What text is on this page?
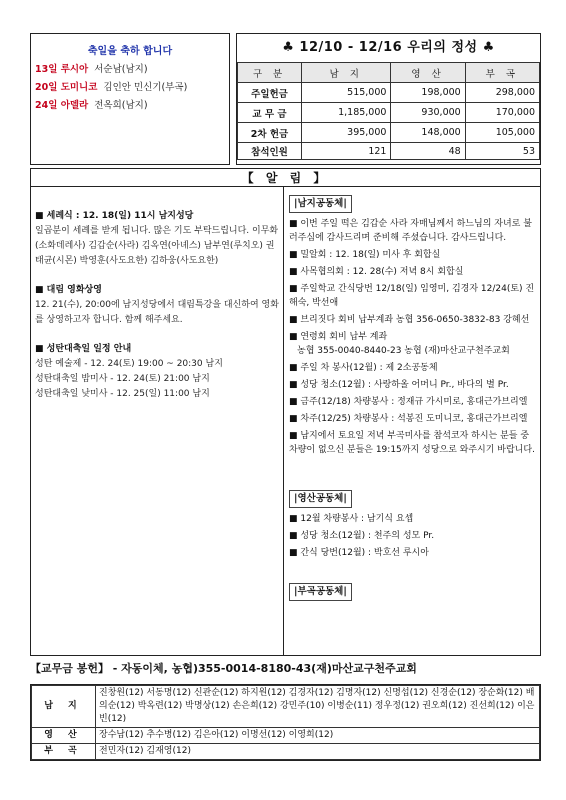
축일을 축하 합니다
13일 루시아 서순남(남지)
20일 도미니코 김인안 민신기(부곡)
24일 아델라 전옥희(남지)
♣ 12/10 - 12/16 우리의 정성 ♣
구 분	남 지	영 산	부 곡
주일헌금	515,000	198,000	298,000
교 무 금	1,185,000	930,000	170,000
2차 헌금	395,000	148,000	105,000
참석인원	121	48	53
【 알 림 】
■ 세례식 : 12. 18(일) 11시 남지성당
일곱분이 세례를 받게 됩니다. 많은 기도 부탁드립니다. 이무화(소화데레사) 김갑순(사라) 김옥연(아녜스) 남부연(루치오) 권태균(시몬) 박영훈(사도요한) 김하웅(사도요한)
■ 대림 영화상영
12. 21(수), 20:00에 남지성당에서 대림특강을 대신하여 영화를 상영하고자 합니다. 함께 해주세요.
■ 성탄대축일 일정 안내
성탄 예술제 - 12. 24(토) 19:00 ~ 20:30 남지
성탄대축일 밤미사 - 12. 24(토) 21:00 남지
성탄대축일 낮미사 - 12. 25(일) 11:00 남지
|남지공동체|
■ 이번 주일 떡은 김갑순 사라 자매님께서 하느님의 자녀로 불러주심에 감사드리며 준비해 주셨습니다. 감사드립니다.
■ 밀알회 : 12. 18(일) 미사 후 회합실
■ 사목협의회 : 12. 28(수) 저녁 8시 회합실
■ 주일학교 간식당번 12/18(일) 임영미, 김경자 12/24(토) 진해숙, 박선애
■ 브리짓다 회비 납부계좌 농협 356-0650-3832-83 강혜선
■ 연령회 회비 납부 계좌
농협 355-0040-8440-23 농협 (재)마산교구천주교회
■ 주일 차 봉사(12월) : 제 2소공동체
■ 성당 청소(12월) : 사랑하올 어머니 Pr., 바다의 별 Pr.
■ 금주(12/18) 차량봉사 : 정재규 가시미로, 홍대근가브리엘
■ 차주(12/25) 차량봉사 : 석봉진 도미니코, 홍대근가브리엘
■ 남지에서 토요일 저녁 부곡미사를 참석코자 하시는 분들 중 차량이 없으신 분들은 19:15까지 성당으로 와주시기 바랍니다.
|영산공동체|
■ 12월 차량봉사 : 남기식 요셉
■ 성당 청소(12월) : 천주의 성모 Pr.
■ 간식 당번(12월) : 박호선 루시아
|부곡공동체|
【교무금 봉헌】 - 자동이체, 농협)355-0014-8180-43(재)마산교구천주교회
남 지	진창원(12) 서동명(12) 신관순(12) 하지원(12) 김경자(12) 김명자(12) 신명섭(12) 신경순(12) 장순화(12) 배의순(12) 박옥련(12) 박명상(12) 손은희(12) 강민주(10) 이병순(11) 정우정(12) 권오희(12) 진선희(12) 이은빈(12)
영 산	장수남(12) 추수병(12) 김은아(12) 이명선(12) 이영희(12)
부 곡	전민자(12) 김재영(12)
